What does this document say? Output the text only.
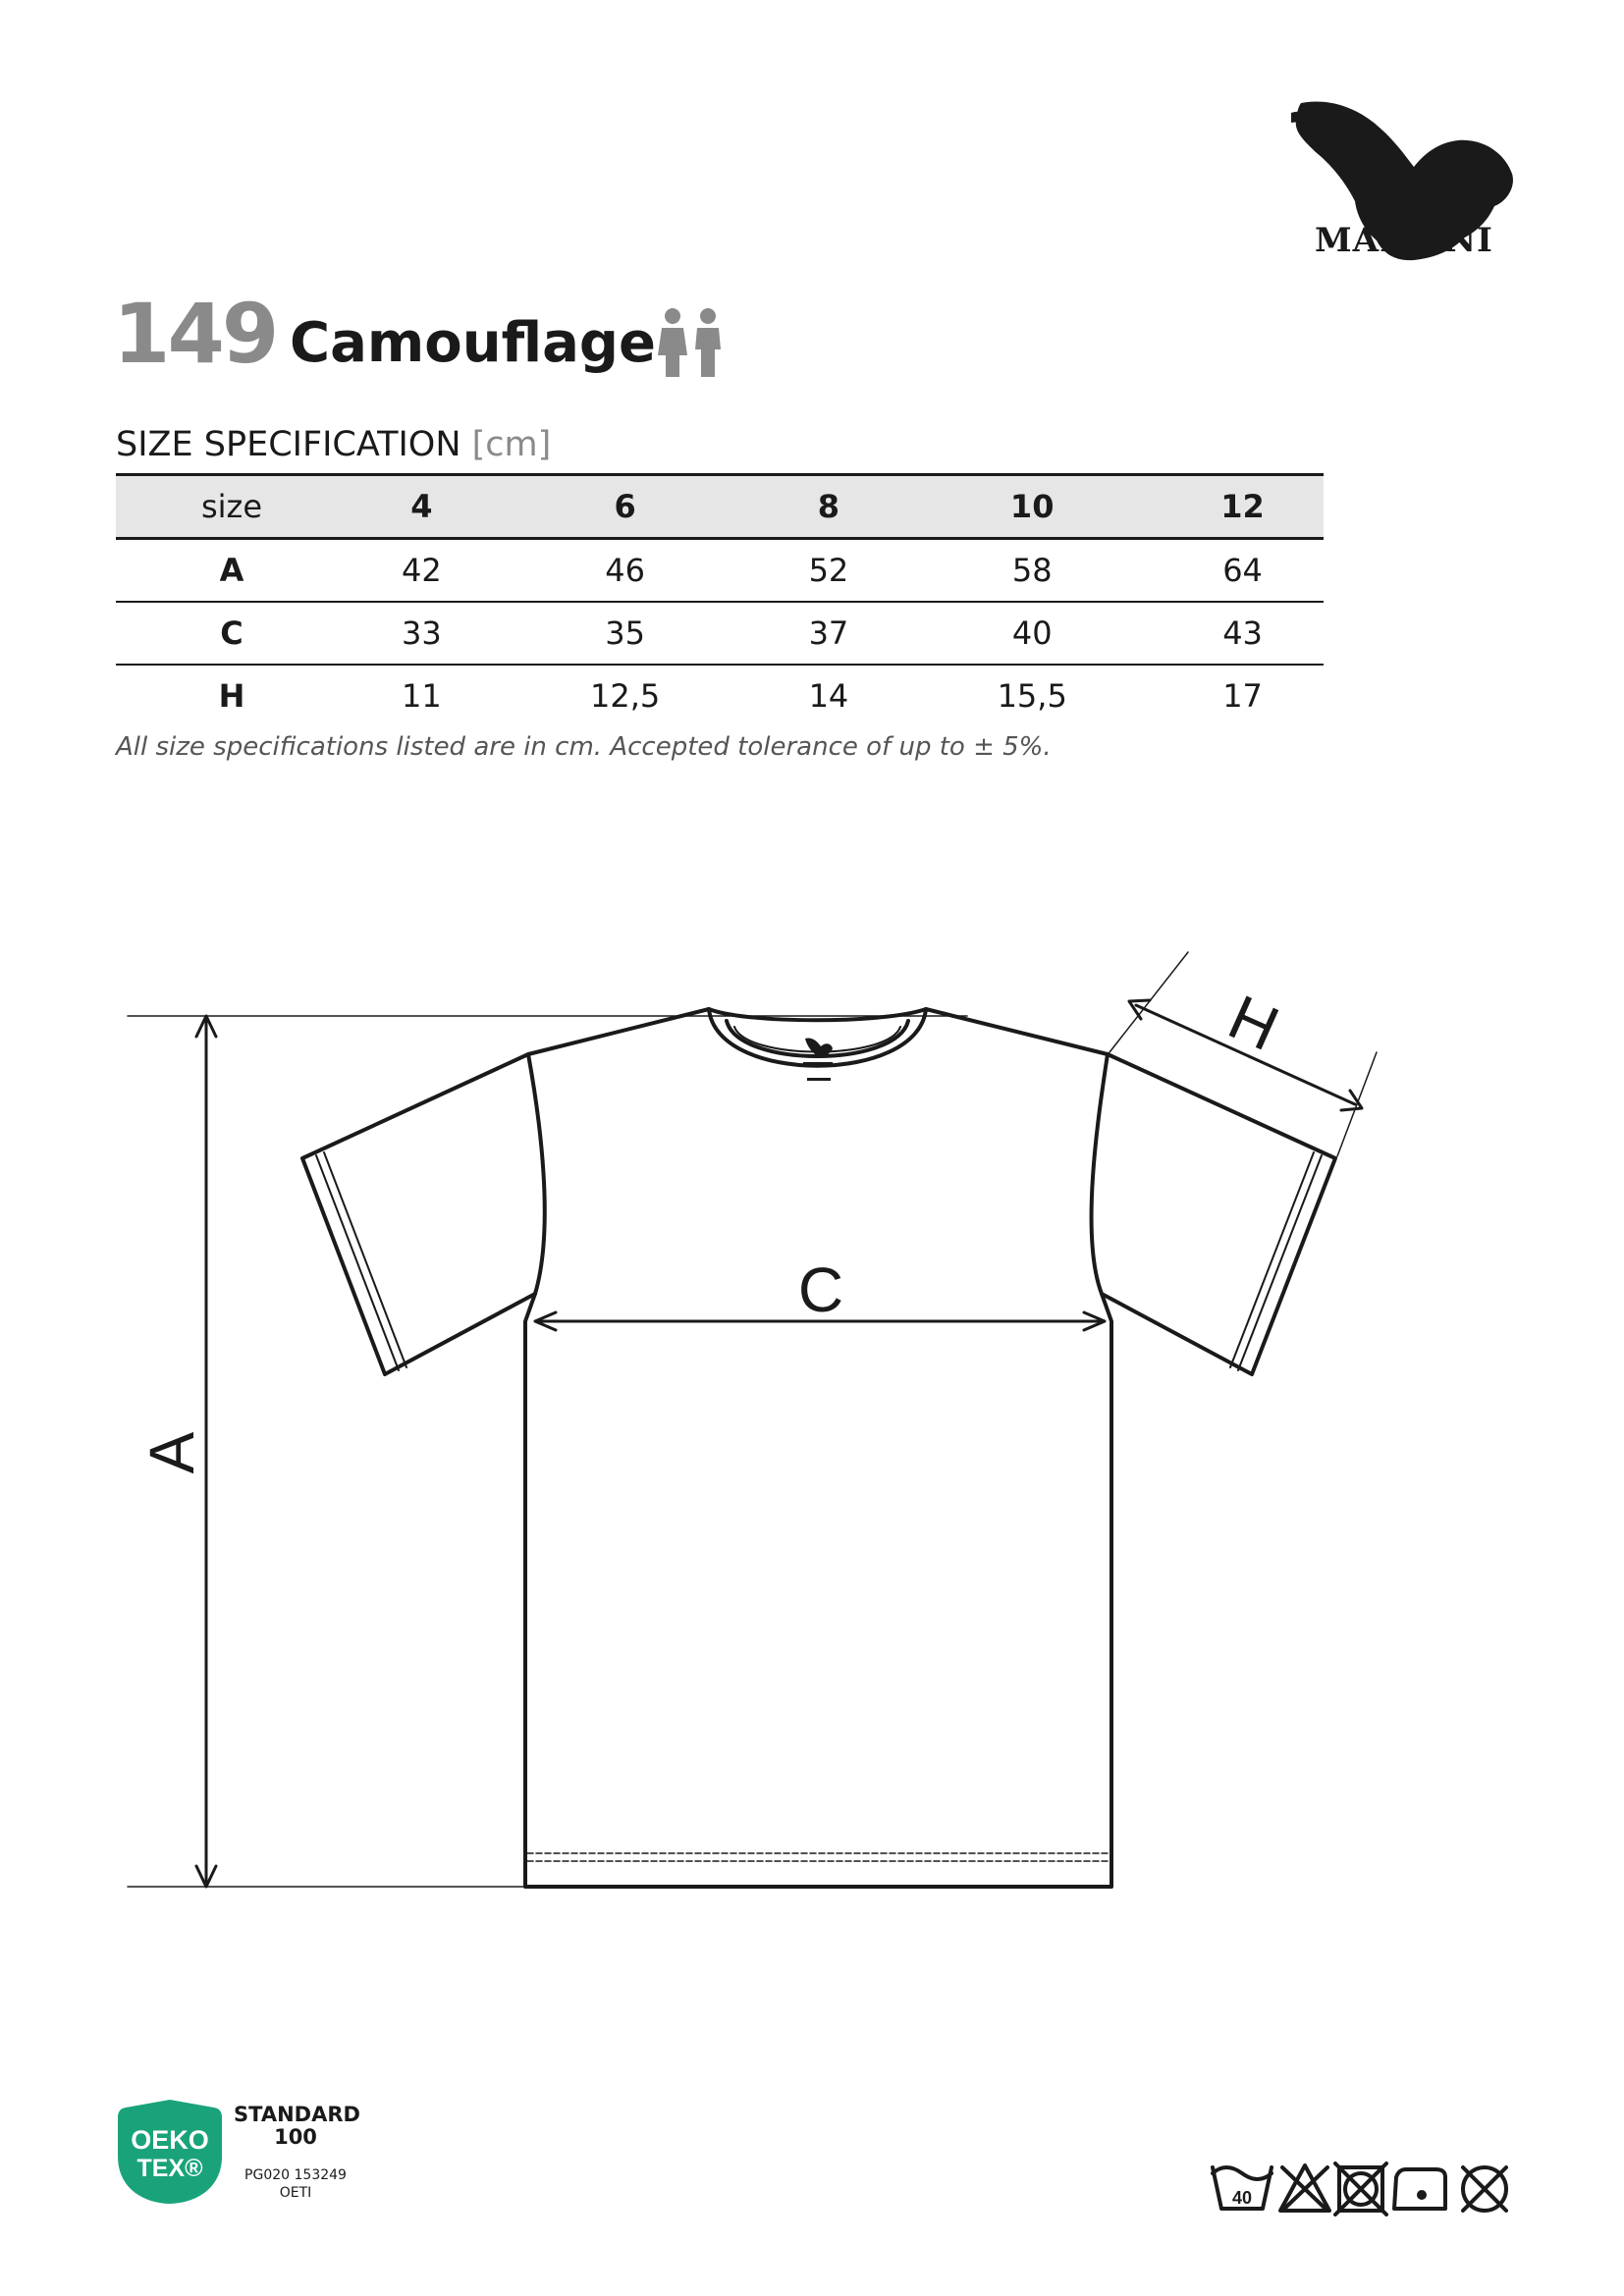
MALFINI
149 Camouflage
SIZE SPECIFICATION [cm]
size	4	6	8	10	12
A	42	46	52	58	64
C	33	35	37	40	43
H	11	12,5	14	15,5	17
All size specifications listed are in cm. Accepted tolerance of up to ± 5%.
A
C
H
OEKO
TEX®
STANDARD
100
PG020 153249
OETI	40
